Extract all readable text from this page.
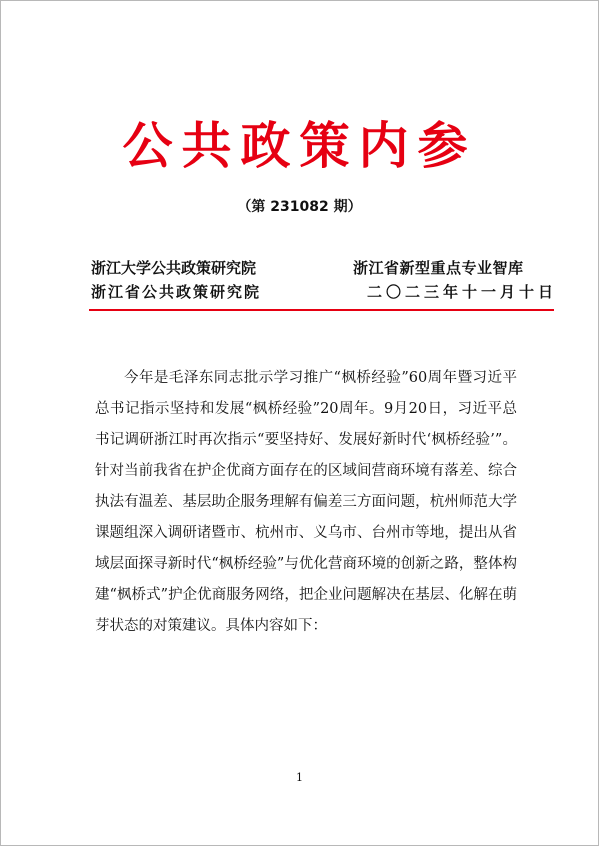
公共政策内参
（第 231082 期）
浙江大学公共政策研究院
浙江省公共政策研究院
浙江省新型重点专业智库
二〇二三年十一月十日

今年是毛泽东同志批示学习推广“枫桥经验”60周年暨习近平总书记指示坚持和发展“枫桥经验”20周年。9月20日，习近平总书记调研浙江时再次指示“要坚持好、发展好新时代‘枫桥经验’”。针对当前我省在护企优商方面存在的区域间营商环境有落差、综合执法有温差、基层助企服务理解有偏差三方面问题，杭州师范大学课题组深入调研诸暨市、杭州市、义乌市、台州市等地，提出从省域层面探寻新时代“枫桥经验”与优化营商环境的创新之路，整体构建“枫桥式”护企优商服务网络，把企业问题解决在基层、化解在萌芽状态的对策建议。具体内容如下：

1
